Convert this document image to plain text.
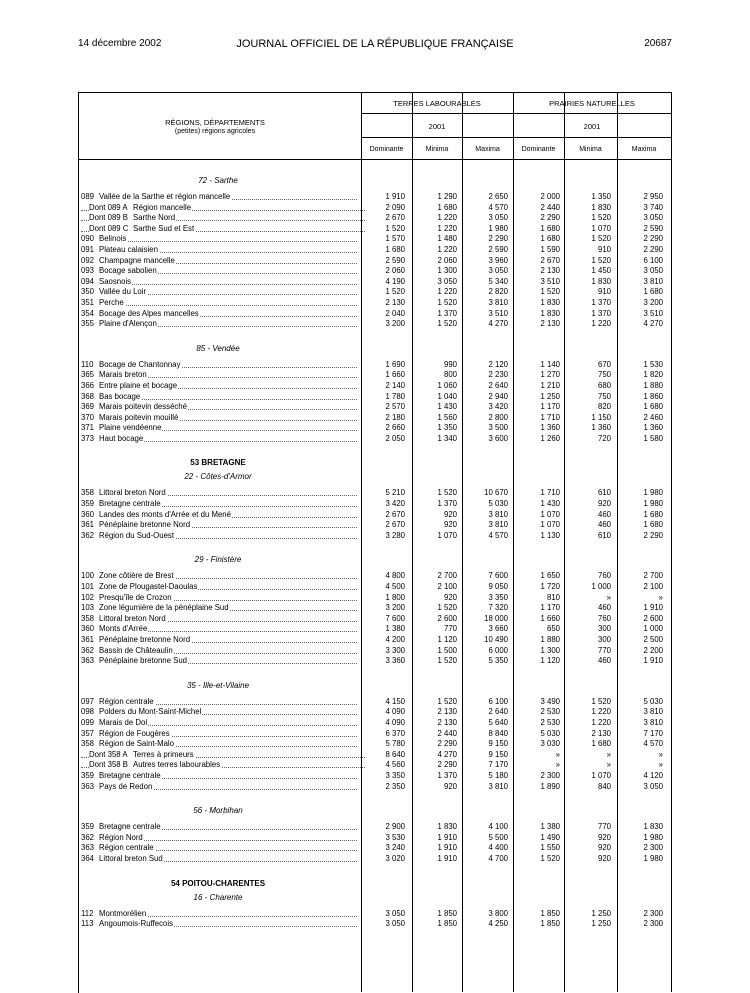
14 décembre 2002	JOURNAL OFFICIEL DE LA RÉPUBLIQUE FRANÇAISE	20687
RÉGIONS, DÉPARTEMENTS
(petites) régions agricoles
TERRES LABOURABLES	PRAIRIES NATURELLES
2001	2001
Dominante	Minima	Maxima	Dominante	Minima	Maxima
72 - Sarthe
089 Vallée de la Sarthe et région mancelle	1 910	1 290	2 650	2 000	1 350	2 950
Dont 089 A Région mancelle	2 090	1 680	4 570	2 440	1 830	3 740
Dont 089 B Sarthe Nord	2 670	1 220	3 050	2 290	1 520	3 050
Dont 089 C Sarthe Sud et Est	1 520	1 220	1 980	1 680	1 070	2 590
090 Belinois	1 570	1 480	2 290	1 680	1 520	2 290
091 Plateau calaisien	1 680	1 220	2 590	1 590	910	2 290
092 Champagne mancelle	2 590	2 060	3 960	2 670	1 520	6 100
093 Bocage sabolien	2 060	1 300	3 050	2 130	1 450	3 050
094 Saosnois	4 190	3 050	5 340	3 510	1 830	3 810
350 Vallée du Loir	1 520	1 220	2 820	1 520	910	1 680
351 Perche	2 130	1 520	3 810	1 830	1 370	3 200
354 Bocage des Alpes mancelles	2 040	1 370	3 510	1 830	1 370	3 510
355 Plaine d'Alençon	3 200	1 520	4 270	2 130	1 220	4 270
85 - Vendée
110 Bocage de Chantonnay	1 690	990	2 120	1 140	670	1 530
365 Marais breton	1 660	800	2 230	1 270	750	1 820
366 Entre plaine et bocage	2 140	1 060	2 640	1 210	680	1 880
368 Bas bocage	1 780	1 040	2 940	1 250	750	1 860
369 Marais poitevin desséché	2 570	1 430	3 420	1 170	820	1 680
370 Marais poitevin mouillé	2 180	1 560	2 800	1 710	1 150	2 460
371 Plaine vendéenne	2 660	1 350	3 500	1 360	1 360	1 360
373 Haut bocage	2 050	1 340	3 600	1 260	720	1 580
53 BRETAGNE
22 - Côtes-d'Armor
358 Littoral breton Nord	5 210	1 520	10 670	1 710	610	1 980
359 Bretagne centrale	3 420	1 370	5 030	1 430	920	1 980
360 Landes des monts d'Arrée et du Mené	2 670	920	3 810	1 070	460	1 680
361 Pénéplaine bretonne Nord	2 670	920	3 810	1 070	460	1 680
362 Région du Sud-Ouest	3 280	1 070	4 570	1 130	610	2 290
29 - Finistère
100 Zone côtière de Brest	4 800	2 700	7 600	1 650	760	2 700
101 Zone de Plougastel-Daoulas	4 500	2 100	9 050	1 720	1 000	2 100
102 Presqu'île de Crozon	1 800	920	3 350	810	»	»
103 Zone légumière de la pénéplaine Sud	3 200	1 520	7 320	1 170	460	1 910
358 Littoral breton Nord	7 600	2 600	18 000	1 660	760	2 600
360 Monts d'Arrée	1 380	770	3 660	650	300	1 000
361 Pénéplaine bretonne Nord	4 200	1 120	10 490	1 880	300	2 500
362 Bassin de Châteaulin	3 300	1 500	6 000	1 300	770	2 200
363 Pénéplaine bretonne Sud	3 360	1 520	5 350	1 120	460	1 910
35 - Ille-et-Vilaine
097 Région centrale	4 150	1 520	6 100	3 490	1 520	5 030
098 Polders du Mont-Saint-Michel	4 090	2 130	2 640	2 530	1 220	3 810
099 Marais de Dol	4 090	2 130	5 640	2 530	1 220	3 810
357 Région de Fougères	6 370	2 440	8 840	5 030	2 130	7 170
358 Région de Saint-Malo	5 780	2 290	9 150	3 030	1 680	4 570
Dont 358 A Terres à primeurs	8 640	4 270	9 150	»	»	»
Dont 358 B Autres terres labourables	4 560	2 290	7 170	»	»	»
359 Bretagne centrale	3 350	1 370	5 180	2 300	1 070	4 120
363 Pays de Redon	2 350	920	3 810	1 890	840	3 050
56 - Morbihan
359 Bretagne centrale	2 900	1 830	4 100	1 380	770	1 830
362 Région Nord	3 530	1 910	5 500	1 490	920	1 980
363 Région centrale	3 240	1 910	4 400	1 550	920	2 300
364 Littoral breton Sud	3 020	1 910	4 700	1 520	920	1 980
54 POITOU-CHARENTES
16 - Charente
112 Montmorélien	3 050	1 850	3 800	1 850	1 250	2 300
113 Angoumois-Ruffecois	3 050	1 850	4 250	1 850	1 250	2 300
